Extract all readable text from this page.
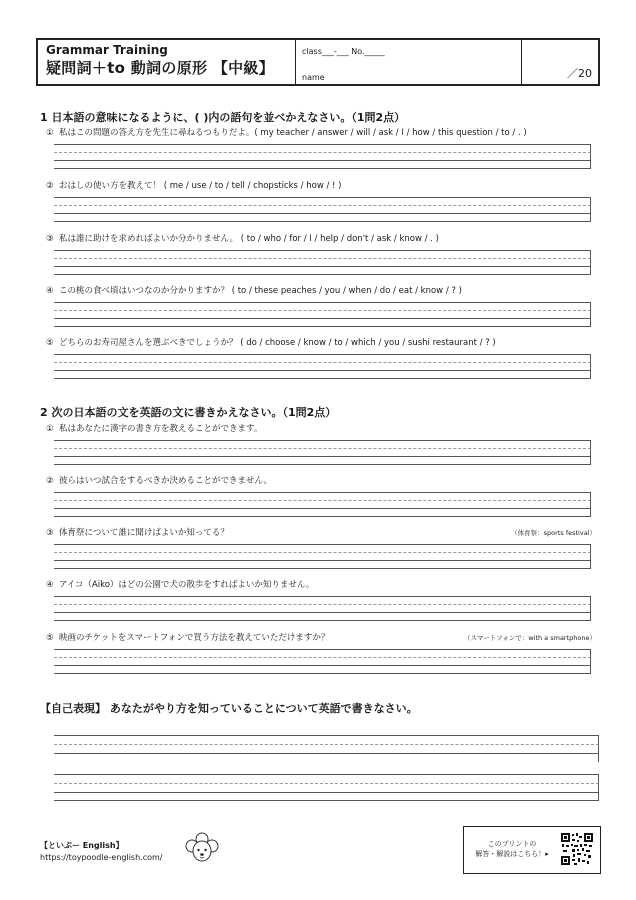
Grammar Training
疑問詞＋to 動詞の原形 【中級】
class___-___ No._____
name	／20
1 日本語の意味になるように、( )内の語句を並べかえなさい。（1問2点）
① 私はこの問題の答え方を先生に尋ねるつもりだよ。( my teacher / answer / will / ask / I / how / this question / to / . )
② おはしの使い方を教えて！ ( me / use / to / tell / chopsticks / how / ! )
③ 私は誰に助けを求めればよいか分かりません。 ( to / who / for / I / help / don't / ask / know / . )
④ この桃の食べ頃はいつなのか分かりますか？ ( to / these peaches / you / when / do / eat / know / ? )
⑤ どちらのお寿司屋さんを選ぶべきでしょうか？ ( do / choose / know / to / which / you / sushi restaurant / ? )
2 次の日本語の文を英語の文に書きかえなさい。（1問2点）
① 私はあなたに漢字の書き方を教えることができます。
② 彼らはいつ試合をするべきか決めることができません。
③ 体育祭について誰に聞けばよいか知ってる？	（体育祭：sports festival）
④ アイコ（Aiko）はどの公園で犬の散歩をすればよいか知りません。
⑤ 映画のチケットをスマートフォンで買う方法を教えていただけますか？	（スマートフォンで：with a smartphone）
【自己表現】 あなたがやり方を知っていることについて英語で書きなさい。
【といぷー English】
https://toypoodle-english.com/
このプリントの
解答・解説はこちら！▸
